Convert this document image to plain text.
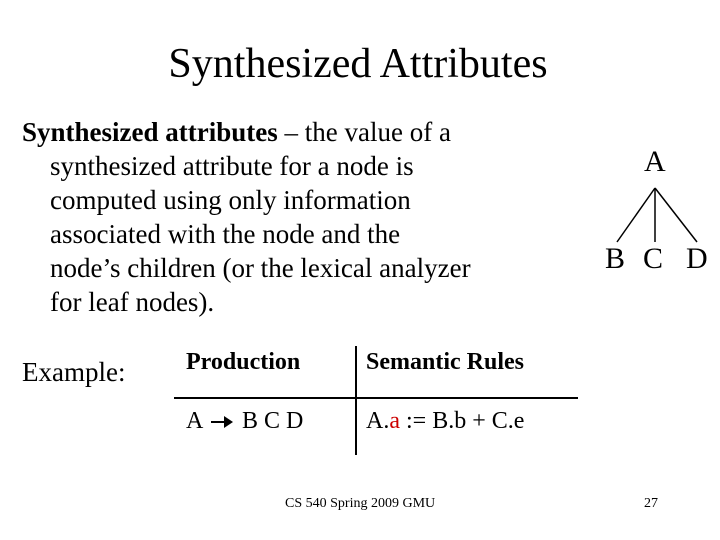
Synthesized Attributes
Synthesized attributes – the value of a
synthesized attribute for a node is
computed using only information
associated with the node and the
node’s children (or the lexical analyzer
for leaf nodes).
Example:	Production	Semantic Rules
A B C D	A.a := B.b + C.e
A
B C D
CS 540 Spring 2009 GMU	27
